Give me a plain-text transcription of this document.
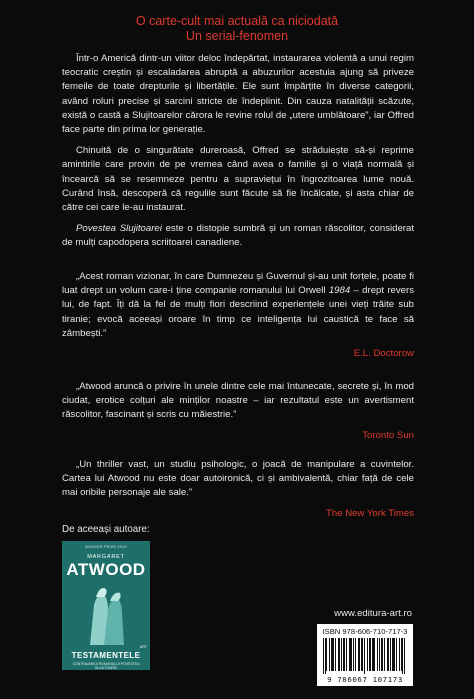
O carte-cult mai actuală ca niciodată
Un serial-fenomen

Într-o Americă dintr-un viitor deloc îndepărtat, instaurarea violentă a unui regim teocratic creștin și escaladarea abruptă a abuzurilor acestuia ajung să priveze femeile de toate drepturile și libertățile. Ele sunt împărțite în diverse categorii, având roluri precise și sarcini stricte de îndeplinit. Din cauza natalității scăzute, există o castă a Slujitoarelor cărora le revine rolul de „utere umblătoare”, iar Offred face parte din prima lor generație.

Chinuită de o singurătate dureroasă, Offred se străduiește să-și reprime amintirile care provin de pe vremea când avea o familie și o viață normală și încearcă să se resemneze pentru a supraviețui în îngrozitoarea lume nouă. Curând însă, descoperă că regulile sunt făcute să fie încălcate, și asta chiar de către cei care le-au instaurat.

Povestea Slujitoarei este o distopie sumbră și un roman răscolitor, considerat de mulți capodopera scriitoarei canadiene.

„Acest roman vizionar, în care Dumnezeu și Guvernul și-au unit forțele, poate fi luat drept un volum care-i ține companie romanului lui Orwell 1984 – drept revers lui, de fapt. Îți dă la fel de mulți fiori descriind experiențele unei vieți trăite sub tiranie; evocă aceeași oroare în timp ce inteligența lui caustică te face să zâmbești.”

E.L. Doctorow

„Atwood aruncă o privire în unele dintre cele mai întunecate, secrete și, în mod ciudat, erotice colțuri ale minților noastre – iar rezultatul este un avertisment răscolitor, fascinant și scris cu măiestrie.”

Toronto Sun

„Un thriller vast, un studiu psihologic, o joacă de manipulare a cuvintelor. Cartea lui Atwood nu este doar autoironică, ci și ambivalentă, chiar față de cele mai oribile personaje ale sale.”

The New York Times
De aceeași autoare:
BOOKER PRIZE 2019
MARGARET
ATWOOD
ART
TESTAMENTELE
CONTINUAREA ROMANULUI POVESTEA SLUJITOAREI
www.editura-art.ro
ISBN 978-606-710-717-3
9 786067 107173
